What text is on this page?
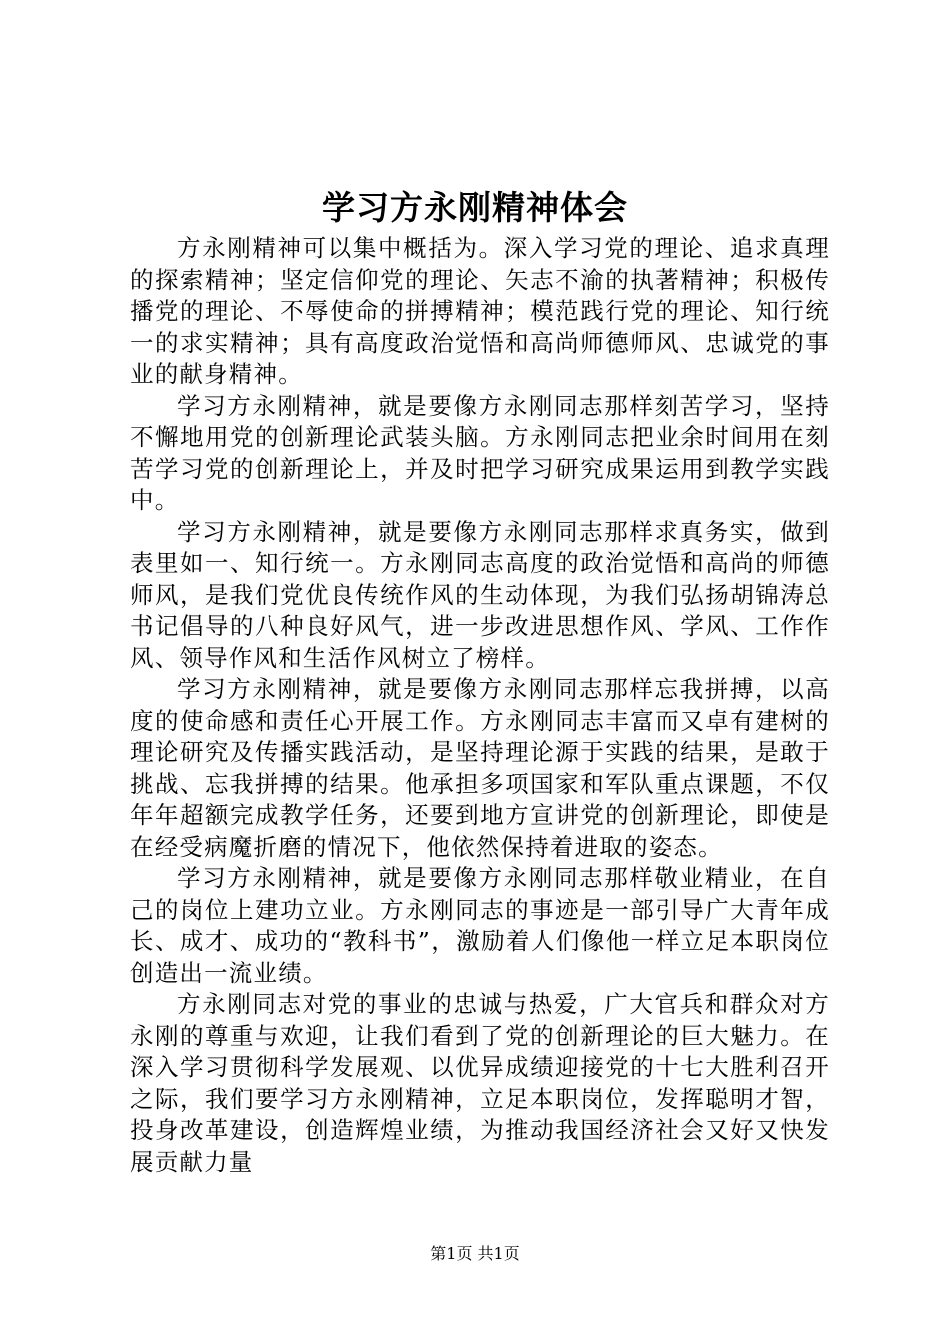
学习方永刚精神体会

方永刚精神可以集中概括为。深入学习党的理论、追求真理的探索精神；坚定信仰党的理论、矢志不渝的执著精神；积极传播党的理论、不辱使命的拼搏精神；模范践行党的理论、知行统一的求实精神；具有高度政治觉悟和高尚师德师风、忠诚党的事业的献身精神。

学习方永刚精神，就是要像方永刚同志那样刻苦学习，坚持不懈地用党的创新理论武装头脑。方永刚同志把业余时间用在刻苦学习党的创新理论上，并及时把学习研究成果运用到教学实践中。

学习方永刚精神，就是要像方永刚同志那样求真务实，做到表里如一、知行统一。方永刚同志高度的政治觉悟和高尚的师德师风，是我们党优良传统作风的生动体现，为我们弘扬胡锦涛总书记倡导的八种良好风气，进一步改进思想作风、学风、工作作风、领导作风和生活作风树立了榜样。

学习方永刚精神，就是要像方永刚同志那样忘我拼搏，以高度的使命感和责任心开展工作。方永刚同志丰富而又卓有建树的理论研究及传播实践活动，是坚持理论源于实践的结果，是敢于挑战、忘我拼搏的结果。他承担多项国家和军队重点课题，不仅年年超额完成教学任务，还要到地方宣讲党的创新理论，即使是在经受病魔折磨的情况下，他依然保持着进取的姿态。

学习方永刚精神，就是要像方永刚同志那样敬业精业，在自己的岗位上建功立业。方永刚同志的事迹是一部引导广大青年成长、成才、成功的“教科书”，激励着人们像他一样立足本职岗位创造出一流业绩。

方永刚同志对党的事业的忠诚与热爱，广大官兵和群众对方永刚的尊重与欢迎，让我们看到了党的创新理论的巨大魅力。在深入学习贯彻科学发展观、以优异成绩迎接党的十七大胜利召开之际，我们要学习方永刚精神，立足本职岗位，发挥聪明才智，投身改革建设，创造辉煌业绩，为推动我国经济社会又好又快发展贡献力量

第1页 共1页
